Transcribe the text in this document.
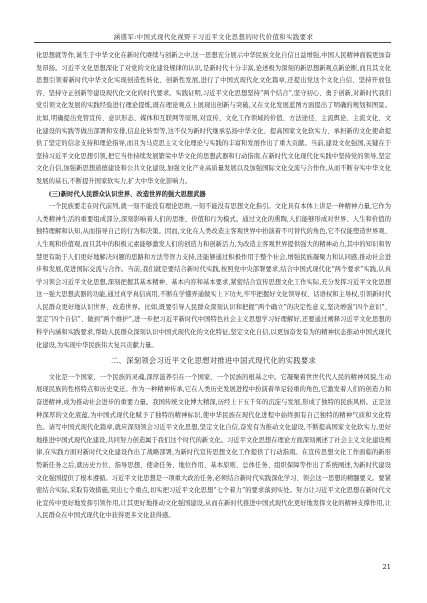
涵盛军:中国式现代化视野下习近平文化思想的时代价值和实践要求

化思想就等作,诞生于中华文化在新时代赓续与创新之中,这一思想充分展示中华民族文化自信日益增强,中国人民精神面貌更加奋发昂扬。习近平文化思想深化了对党的文化建设规律的认识,是新时代十分丰富,论述极为深刻的新思想新观点新论断,而且其文化思想引领着新时代中华文化实现创造性转化、创新性发展,进行了中国式现代化文化篇章,还提出党这个文化自信、坚持开放包容、坚持守正创新等建设现代化文化的时代要求。实践证明,习近平文化思想坚持“两个结合”,坚守初心、勇于创新,对新时代我们党引领文化发展的实践经验进行理论提炼,既在理论观点上展现出创新与突破,又在文化发展蓝图方面提出了明确的规划和图景。比如,明确提出党管宣传、意识形态、媒体和互联网等原则,对宣传、文化工作领域的价值、方法途径、主流舆论、主流文化、文化建设的实践等做出部署和安排,信息化转型等,这不仅为新时代继承弘扬中华文化、提高国家文化软实力、承担新的文化使命提供了坚定的信念支持和理论指导,而且为马克思主义文化理论与实践的丰富和发展作出了重大贡献。当前,建设文化强国,关键在于坚持习近平文化思想引领,把它当作持续发展繁荣中华文化的思想武器和行动指南,在新时代文化现代化实践中坚持党的领导,坚定文化自信,加强新思想道德建设和公共文化建设,加强文化产业高质量发展以及加强国际文化交流与合作作,从而不断夯实中华文化发展的基石,不断提升国家软实力,扩大中华文化影响力。

(三)新时代人民群众认识世界、改造世界的强大思想武器

一个民族要走在时代前列,就一刻不能没有理论思维,一刻不能没有思想文化指引。文化具有本体上讲是一种精神力量,它作为人类精神生活的重要组成部分,深刻影响着人们的思维、价值和行为模式。通过文化的熏陶,人们能够形成对世界、人生和价值的独特理解和认知,从而指导自己的行为和决策。因而,文化在人类改造主客观世界中扮演着不可替代的角色,它不仅能塑造世界观、人生观和价值观,而且其中的积极元素能够激发人们的创造力和创新活力,为改造主客观世界提供强大的精神动力,其中的知识和智慧更有助于人们更好地解决问题的思路和方法等智力支持,还能够通过积极作用于整个社会,增强民族凝聚力和认同感,推动社会进步和发展,促进国际交流与合作。当前,我们就是要结合新时代实践,按照党中央部署要求,结合中国式现代化“两个要求”实践,认真学习领会习近平文化思想,深刻把握其基本精神、基本内容和基本要求,紧密结合宣传思想文化工作实际,充分发挥习近平文化思想这一强大思想武器的功能,通过真学真信真用,不断在学懂弄通做实上下功夫,牢牢把握好文化领导权、话语权和主导权,引领新时代人民群众更好地认识世界、改造世界。比如,既要引导人民群众深刻认识和把握“两个确立”的决定性意义,坚决增强“四个意识”、坚定“四个自信”、做到“两个维护”,进一步把习近平新时代中国特色社会主义思想学习好理解好,还要通过阐释习近平文化思想的科学内涵和实践要求,帮助人民群众深刻认识中国式现代化的文化特征,坚定文化自信,以更加奋发有为的精神状态推动中国式现代化建设,为实现中华民族伟大复兴贡献力量。

二、深刻领会习近平文化思想对推进中国式现代化的实践要求

文化是一个国家、一个民族的灵魂,深厚滋养引在一个国家、一个民族的根基之中。它凝聚着世世代代人民的精神风貌,生动展现民族的性格特点和历史变迁。作为一种精神传承,它在人类历史发展进程中扮演着举足轻重的角色,它激发着人们的创造力和奋进精神,成为推动社会进步的重要力量。我国传统文化博大精深,历经上下五千年的沉淀与发展,形成了独特的民族风格。正是这种深厚的文化底蕴,为中国式现代化赋予了独特的精神标识,使中华民族在现代化进程中始终拥有自己独特的精神气质和文化特色。请写中国式现代化篇章,就应深刻领会习近平文化思想,坚定文化自信,奋发有为推动文化建设,不断提高国家文化软实力,更好地推进中国式现代化建设,共同努力创造属于我们这个时代的新文化。习近平文化思想在理论方面深刻阐述了社会主义文化建设规律,在实践方面对新时代文化建设作出了战略部署,为新时代宣传思想文化工作提供了行动指南。在宣传思想文化工作面临的新形势新任务之后,就历史方位、指导思想、使命任务、地位作用、基本原则、总体任务、组织保障等作出了系统阐述,为新时代建设文化强国提供了根本遵循。习近平文化思想是一项重大政治任务,必须结合新时代实践深化学习、领会这一思想的精髓要义。要紧密结合实际,采取有效措施,突出七个重点,切实把习近平文化思想“七个着力”的要求落到实处。努力让习近平文化思想在新时代文化宣传中更好地发挥引领作用,让其更好地推动文化强国建设,从而在新时代推进中国式现代化更好地发挥文化的精神支撑作用,让人民群众在中国式现代化中获得更多文化获得感。

21
